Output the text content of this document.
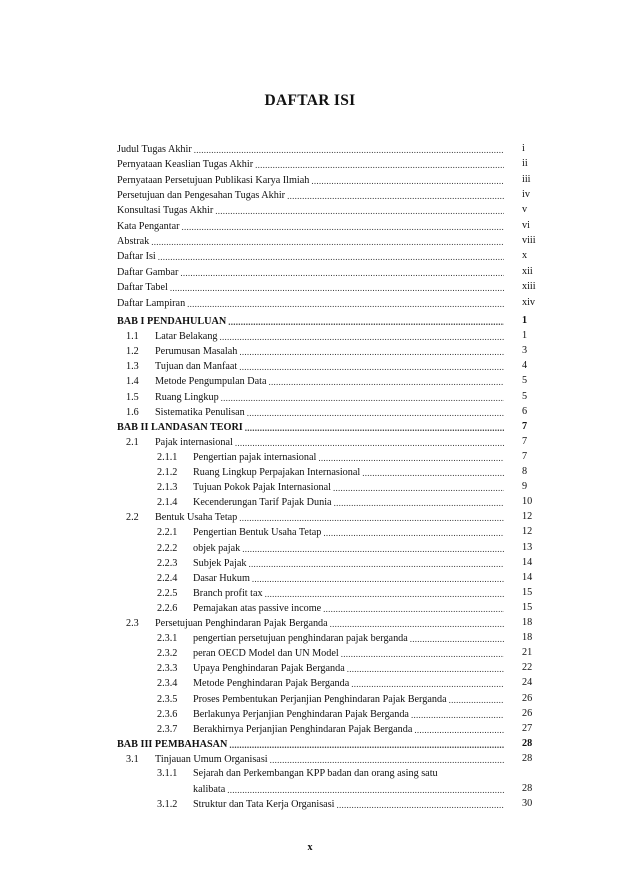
DAFTAR ISI
Judul Tugas Akhir . . .	i
Pernyataan Keaslian Tugas Akhir . . .	ii
Pernyataan Persetujuan Publikasi Karya Ilmiah . . .	iii
Persetujuan dan Pengesahan Tugas Akhir . . .	iv
Konsultasi Tugas Akhir . . .	v
Kata Pengantar . . .	vi
Abstrak . . .	viii
Daftar Isi . . .	x
Daftar Gambar . . .	xii
Daftar Tabel . . .	xiii
Daftar Lampiran . . .	xiv
BAB I PENDAHULUAN . . .	1
1.1	Latar Belakang . . .	1
1.2	Perumusan Masalah . . .	3
1.3	Tujuan dan Manfaat . . .	4
1.4	Metode Pengumpulan Data . . .	5
1.5	Ruang Lingkup . . .	5
1.6	Sistematika Penulisan . . .	6
BAB II LANDASAN TEORI . . .	7
2.1	Pajak internasional . . .	7
2.1.1	Pengertian pajak internasional . . .	7
2.1.2	Ruang Lingkup Perpajakan Internasional . . .	8
2.1.3	Tujuan Pokok Pajak Internasional . . .	9
2.1.4	Kecenderungan Tarif Pajak Dunia . . .	10
2.2	Bentuk Usaha Tetap . . .	12
2.2.1	Pengertian Bentuk Usaha Tetap . . .	12
2.2.2	objek pajak . . .	13
2.2.3	Subjek Pajak . . .	14
2.2.4	Dasar Hukum . . .	14
2.2.5	Branch profit tax . . .	15
2.2.6	Pemajakan atas passive income . . .	15
2.3	Persetujuan Penghindaran Pajak Berganda . . .	18
2.3.1	pengertian persetujuan penghindaran pajak berganda . . .	18
2.3.2	peran OECD Model dan UN Model . . .	21
2.3.3	Upaya Penghindaran Pajak Berganda . . .	22
2.3.4	Metode Penghindaran Pajak Berganda . . .	24
2.3.5	Proses Pembentukan Perjanjian Penghindaran Pajak Berganda . . .	26
2.3.6	Berlakunya Perjanjian Penghindaran Pajak Berganda . . .	26
2.3.7	Berakhirnya Perjanjian Penghindaran Pajak Berganda . . .	27
BAB III PEMBAHASAN . . .	28
3.1	Tinjauan Umum Organisasi . . .	28
3.1.1 Sejarah dan Perkembangan KPP badan dan orang asing satu
kalibata . . .	28
3.1.2	Struktur dan Tata Kerja Organisasi . . .	30
x
